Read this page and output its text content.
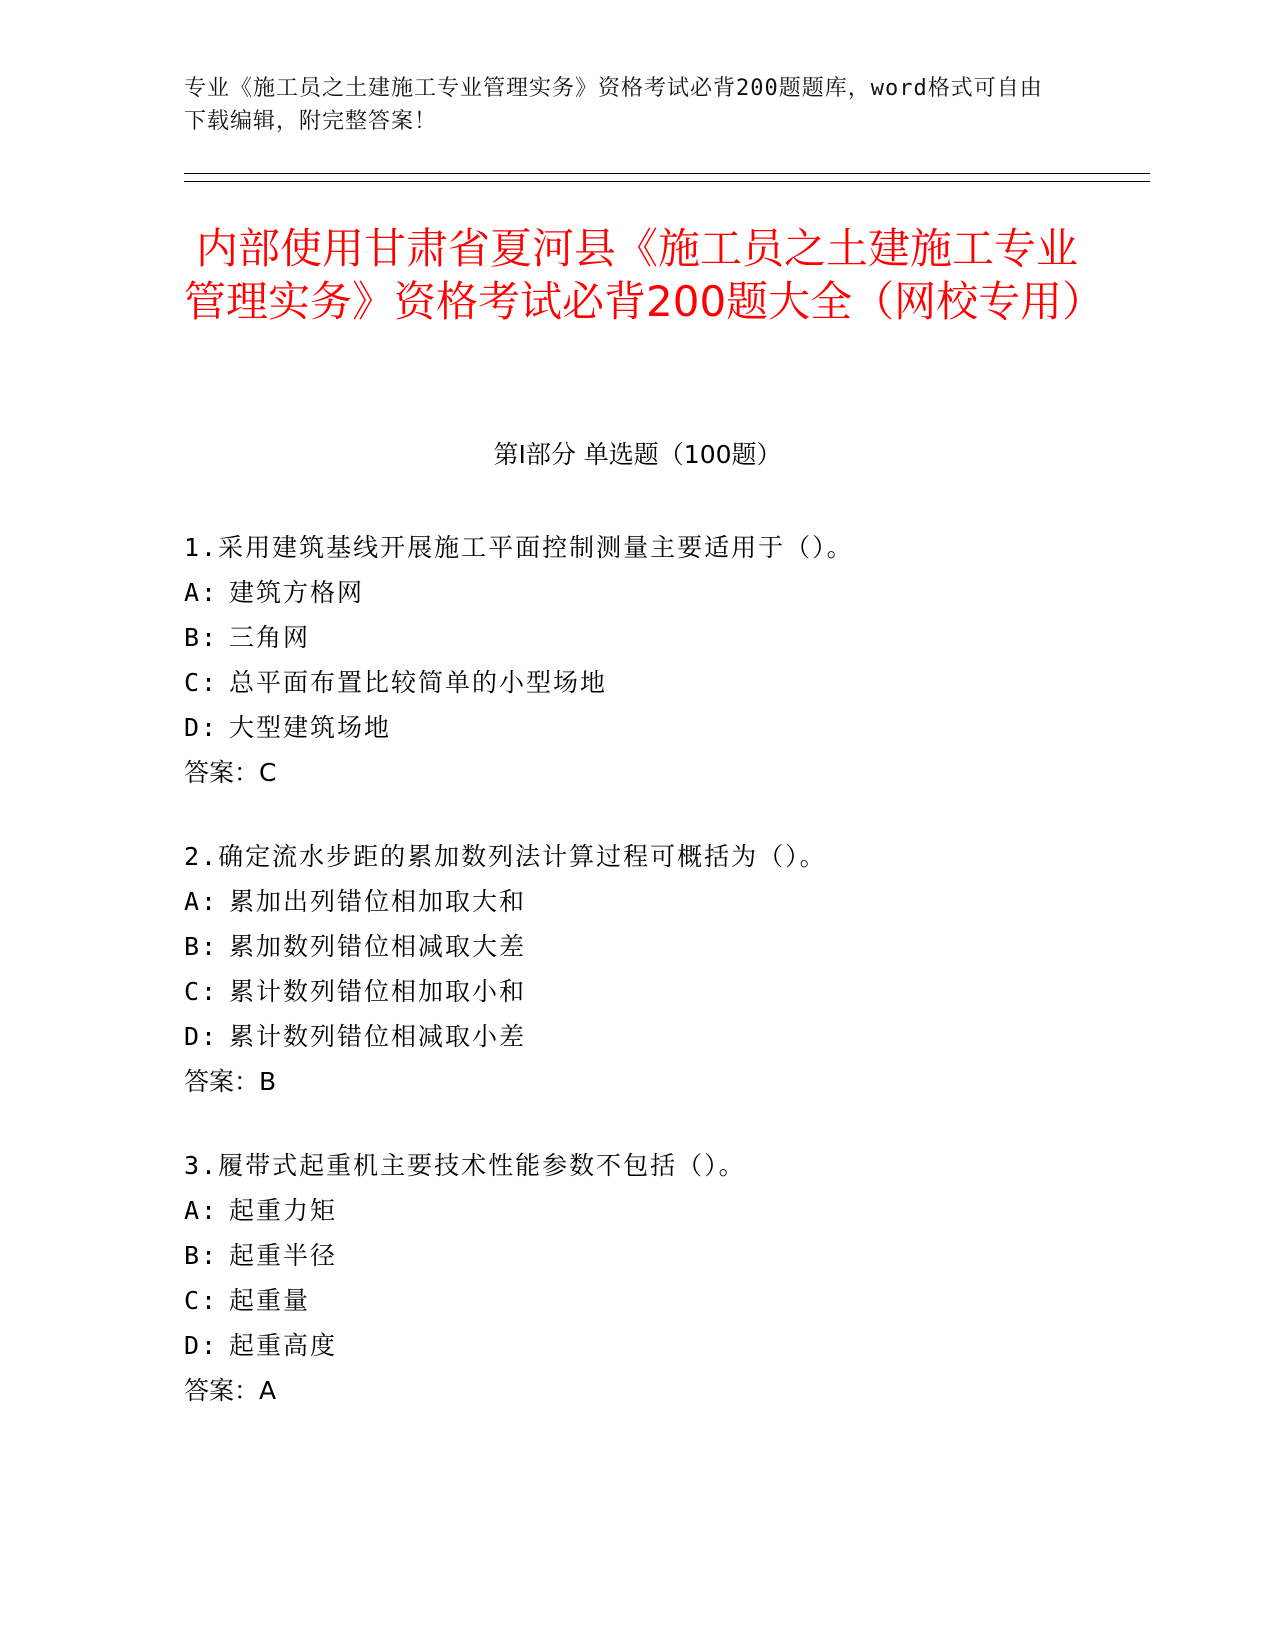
专业《施工员之土建施工专业管理实务》资格考试必背200题题库，word格式可自由下载编辑，附完整答案！
内部使用甘肃省夏河县《施工员之土建施工专业管理实务》资格考试必背200题大全（网校专用）
第Ⅰ部分 单选题（100题）
1.采用建筑基线开展施工平面控制测量主要适用于（）。
A: 建筑方格网
B: 三角网
C: 总平面布置比较简单的小型场地
D: 大型建筑场地
答案：C
2.确定流水步距的累加数列法计算过程可概括为（）。
A: 累加出列错位相加取大和
B: 累加数列错位相减取大差
C: 累计数列错位相加取小和
D: 累计数列错位相减取小差
答案：B
3.履带式起重机主要技术性能参数不包括（）。
A: 起重力矩
B: 起重半径
C: 起重量
D: 起重高度
答案：A
